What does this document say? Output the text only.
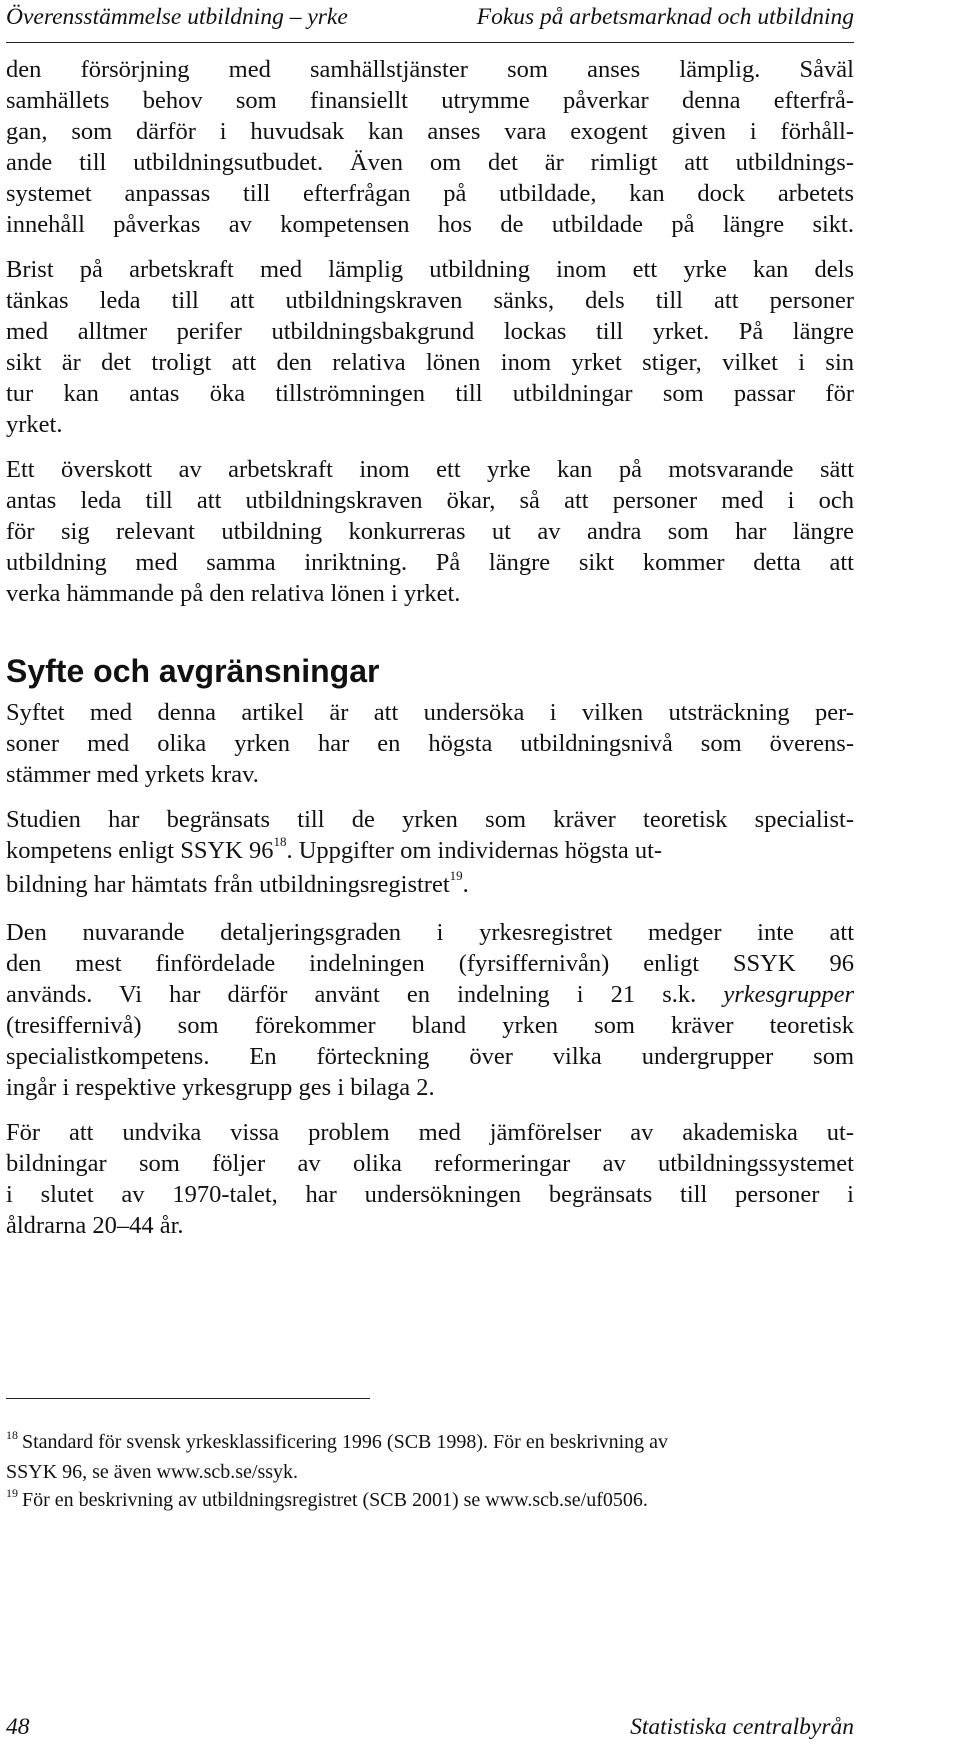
Överensstämmelse utbildning – yrke	Fokus på arbetsmarknad och utbildning

den försörjning med samhällstjänster som anses lämplig. Såväl
samhällets behov som finansiellt utrymme påverkar denna efterfrå-
gan, som därför i huvudsak kan anses vara exogent given i förhåll-
ande till utbildningsutbudet. Även om det är rimligt att utbildnings-
systemet anpassas till efterfrågan på utbildade, kan dock arbetets
innehåll påverkas av kompetensen hos de utbildade på längre sikt.

Brist på arbetskraft med lämplig utbildning inom ett yrke kan dels
tänkas leda till att utbildningskraven sänks, dels till att personer
med alltmer perifer utbildningsbakgrund lockas till yrket. På längre
sikt är det troligt att den relativa lönen inom yrket stiger, vilket i sin
tur kan antas öka tillströmningen till utbildningar som passar för
yrket.

Ett överskott av arbetskraft inom ett yrke kan på motsvarande sätt
antas leda till att utbildningskraven ökar, så att personer med i och
för sig relevant utbildning konkurreras ut av andra som har längre
utbildning med samma inriktning. På längre sikt kommer detta att
verka hämmande på den relativa lönen i yrket.

Syfte och avgränsningar

Syftet med denna artikel är att undersöka i vilken utsträckning per-
soner med olika yrken har en högsta utbildningsnivå som överens-
stämmer med yrkets krav.

Studien har begränsats till de yrken som kräver teoretisk specialist-
kompetens enligt SSYK 96$^{18}$. Uppgifter om individernas högsta ut-
bildning har hämtats från utbildningsregistret$^{19}$.

Den nuvarande detaljeringsgraden i yrkesregistret medger inte att
den mest finfördelade indelningen (fyrsiffernivån) enligt SSYK 96
används. Vi har därför använt en indelning i 21 s.k. yrkesgrupper
(tresiffernivå) som förekommer bland yrken som kräver teoretisk
specialistkompetens. En förteckning över vilka undergrupper som
ingår i respektive yrkesgrupp ges i bilaga 2.

För att undvika vissa problem med jämförelser av akademiska ut-
bildningar som följer av olika reformeringar av utbildningssystemet
i slutet av 1970-talet, har undersökningen begränsats till personer i
åldrarna 20–44 år.

$^{18}$ Standard för svensk yrkesklassificering 1996 (SCB 1998). För en beskrivning av
SSYK 96, se även www.scb.se/ssyk.
$^{19}$ För en beskrivning av utbildningsregistret (SCB 2001) se www.scb.se/uf0506.
48	Statistiska centralbyrån
